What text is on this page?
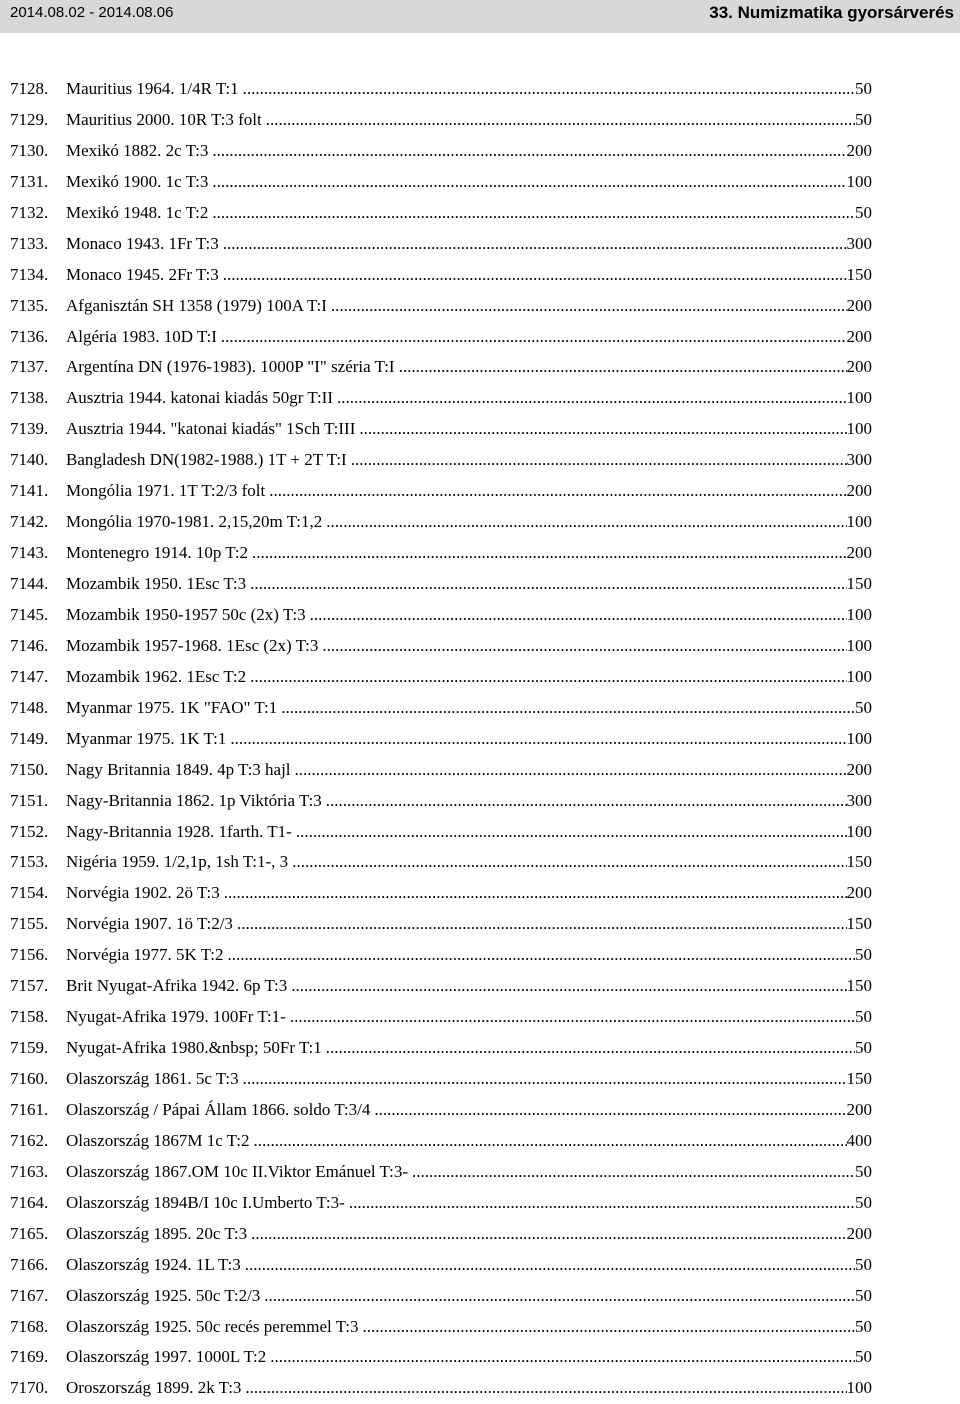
2014.08.02 - 2014.08.06	33. Numizmatika gyorsárverés
7128.	Mauritius 1964. 1/4R T:1 .....	50
7129.	Mauritius 2000. 10R T:3 folt .....	50
7130.	Mexikó 1882. 2c T:3 .....	200
7131.	Mexikó 1900. 1c T:3 .....	100
7132.	Mexikó 1948. 1c T:2 .....	50
7133.	Monaco 1943. 1Fr T:3 .....	300
7134.	Monaco 1945. 2Fr T:3 .....	150
7135.	Afganisztán SH 1358 (1979) 100A T:I .....	200
7136.	Algéria 1983. 10D T:I .....	200
7137.	Argentína DN (1976-1983). 1000P "I" széria T:I .....	200
7138.	Ausztria 1944. katonai kiadás 50gr T:II .....	100
7139.	Ausztria 1944. "katonai kiadás" 1Sch T:III .....	100
7140.	Bangladesh DN(1982-1988.) 1T + 2T T:I .....	300
7141.	Mongólia 1971. 1T T:2/3 folt .....	200
7142.	Mongólia 1970-1981. 2,15,20m T:1,2 .....	100
7143.	Montenegro 1914. 10p T:2 .....	200
7144.	Mozambik 1950. 1Esc T:3 .....	150
7145.	Mozambik 1950-1957 50c (2x) T:3 .....	100
7146.	Mozambik 1957-1968. 1Esc (2x) T:3 .....	100
7147.	Mozambik 1962. 1Esc T:2 .....	100
7148.	Myanmar 1975. 1K "FAO" T:1 .....	50
7149.	Myanmar 1975. 1K T:1 .....	100
7150.	Nagy Britannia 1849. 4p T:3 hajl .....	200
7151.	Nagy-Britannia 1862. 1p Viktória T:3 .....	300
7152.	Nagy-Britannia 1928. 1farth. T1- .....	100
7153.	Nigéria 1959. 1/2,1p, 1sh T:1-, 3 .....	150
7154.	Norvégia 1902. 2ö T:3 .....	200
7155.	Norvégia 1907. 1ö T:2/3 .....	150
7156.	Norvégia 1977. 5K T:2 .....	50
7157.	Brit Nyugat-Afrika 1942. 6p T:3 .....	150
7158.	Nyugat-Afrika 1979. 100Fr T:1- .....	50
7159.	Nyugat-Afrika 1980.&nbsp; 50Fr T:1 .....	50
7160.	Olaszország 1861. 5c T:3 .....	150
7161.	Olaszország / Pápai Állam 1866. soldo T:3/4 .....	200
7162.	Olaszország 1867M 1c T:2 .....	400
7163.	Olaszország 1867.OM 10c II.Viktor Emánuel T:3- .....	50
7164.	Olaszország 1894B/I 10c I.Umberto T:3- .....	50
7165.	Olaszország 1895. 20c T:3 .....	200
7166.	Olaszország 1924. 1L T:3 .....	50
7167.	Olaszország 1925. 50c T:2/3 .....	50
7168.	Olaszország 1925. 50c recés peremmel T:3 .....	50
7169.	Olaszország 1997. 1000L T:2 .....	50
7170.	Oroszország 1899. 2k T:3 .....	100
